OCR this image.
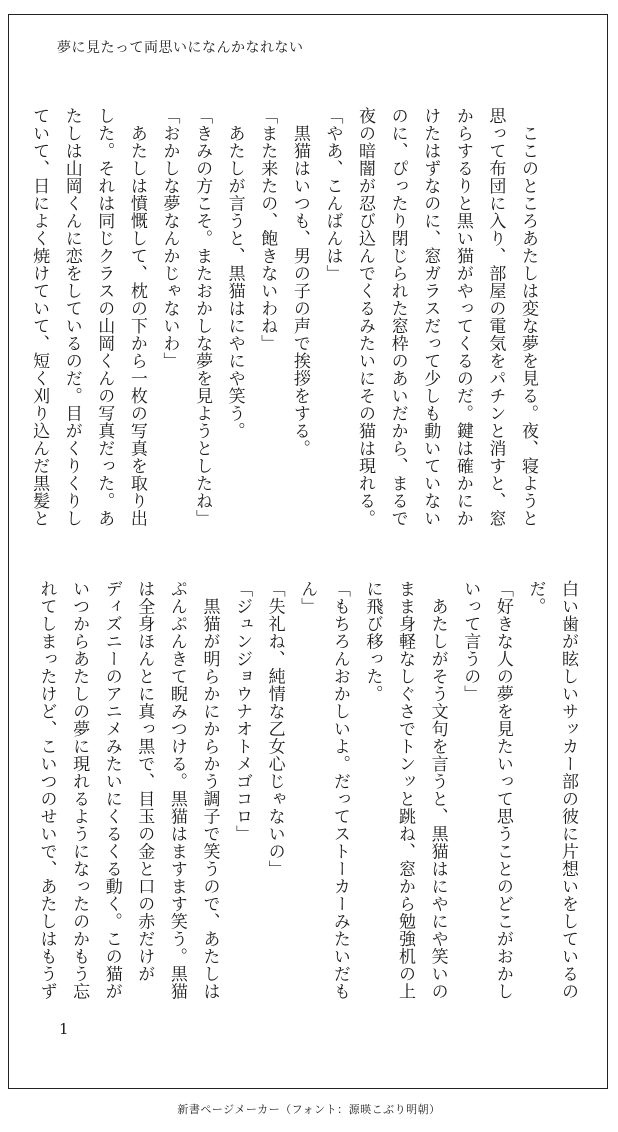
夢に見たって両思いになんかなれない

　ここのところあたしは変な夢を見る。夜、寝ようと

思って布団に入り、部屋の電気をパチンと消すと、窓

からするりと黒い猫がやってくるのだ。鍵は確かにか

けたはずなのに、窓ガラスだって少しも動いていない

のに、ぴったり閉じられた窓枠のあいだから、まるで

夜の暗闇が忍び込んでくるみたいにその猫は現れる。

「やあ、こんばんは」

　黒猫はいつも、男の子の声で挨拶をする。

「また来たの、飽きないわね」

　あたしが言うと、黒猫はにやにや笑う。

「きみの方こそ。またおかしな夢を見ようとしたね」

「おかしな夢なんかじゃないわ」

　あたしは憤慨して、枕の下から一枚の写真を取り出

した。それは同じクラスの山岡くんの写真だった。あ

たしは山岡くんに恋をしているのだ。目がくりくりし

ていて、日によく焼けていて、短く刈り込んだ黒髪と

白い歯が眩しいサッカー部の彼に片想いをしているの

だ。

「好きな人の夢を見たいって思うことのどこがおかし

いって言うの」

　あたしがそう文句を言うと、黒猫はにやにや笑いの

まま身軽なしぐさでトンッと跳ね、窓から勉強机の上

に飛び移った。

「もちろんおかしいよ。だってストーカーみたいだも

ん」

「失礼ね、純情な乙女心じゃないの」

「ジュンジョウナオトメゴコロ」

　黒猫が明らかにからかう調子で笑うので、あたしは

ぷんぷんきて睨みつける。黒猫はますます笑う。黒猫

は全身ほんとに真っ黒で、目玉の金と口の赤だけが

ディズニーのアニメみたいにくるくる動く。この猫が

いつからあたしの夢に現れるようになったのかもう忘

れてしまったけど、こいつのせいで、あたしはもうず

1
新書ページメーカー（フォント：源暎こぶり明朝）
